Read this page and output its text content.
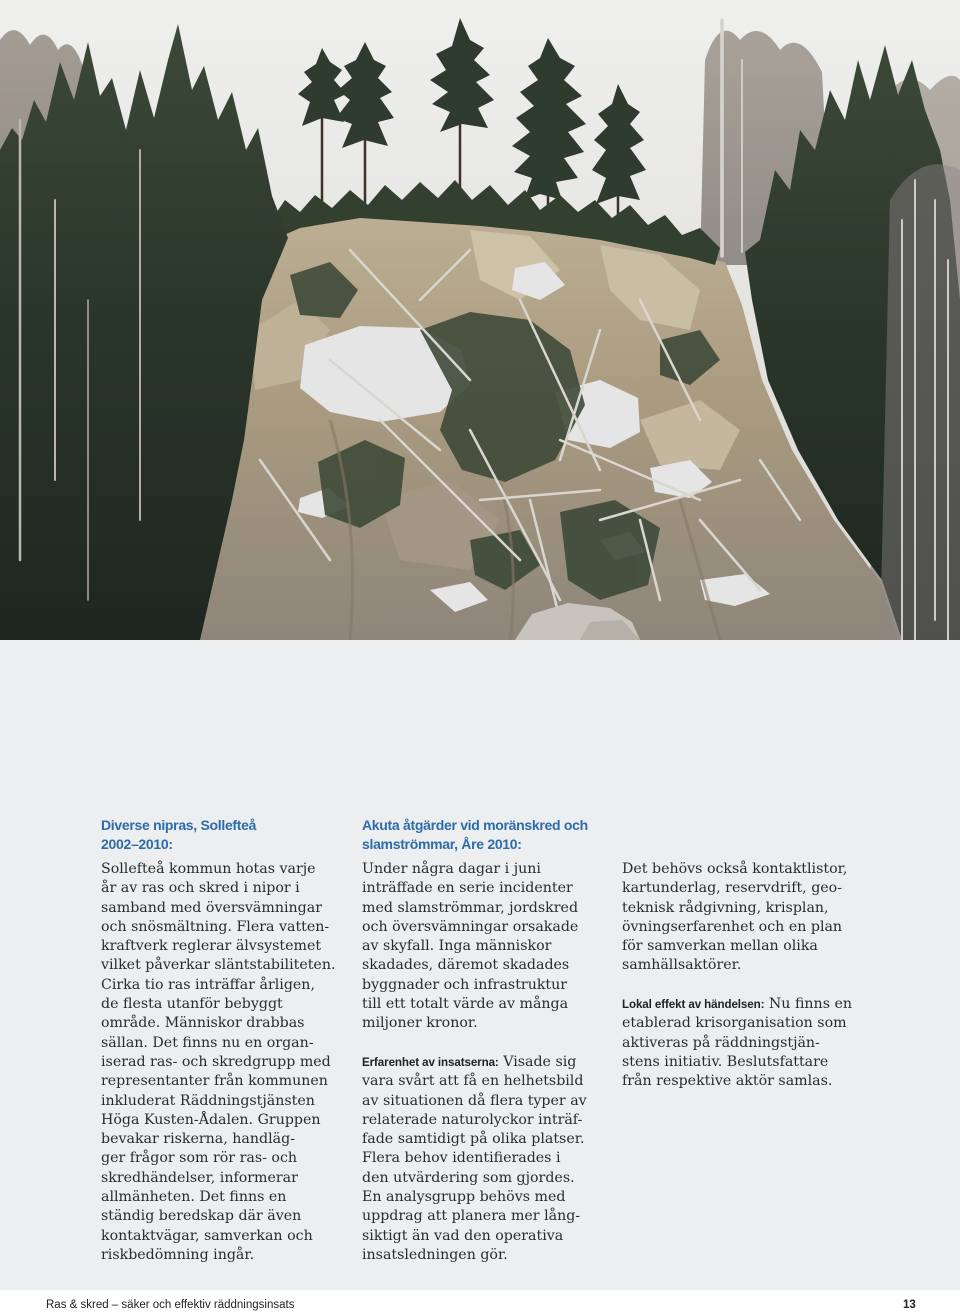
Diverse nipras, Sollefteå
2002–2010:
Sollefteå kommun hotas varje
år av ras och skred i nipor i
samband med översvämningar
och snösmältning. Flera vatten-
kraftverk reglerar älvsystemet
vilket påverkar släntstabiliteten.
Cirka tio ras inträffar årligen,
de flesta utanför bebyggt
område. Människor drabbas
sällan. Det finns nu en organ-
iserad ras- och skredgrupp med
representanter från kommunen
inkluderat Räddningstjänsten
Höga Kusten-Ådalen. Gruppen
bevakar riskerna, handläg-
ger frågor som rör ras- och
skredhändelser, informerar
allmänheten. Det finns en
ständig beredskap där även
kontaktvägar, samverkan och
riskbedömning ingår.
Akuta åtgärder vid moränskred och
slamströmmar, Åre 2010:
Under några dagar i juni
inträffade en serie incidenter
med slamströmmar, jordskred
och översvämningar orsakade
av skyfall. Inga människor
skadades, däremot skadades
byggnader och infrastruktur
till ett totalt värde av många
miljoner kronor.
Erfarenhet av insatserna: Visade sig
vara svårt att få en helhetsbild
av situationen då flera typer av
relaterade naturolyckor inträf-
fade samtidigt på olika platser.
Flera behov identifierades i
den utvärdering som gjordes.
En analysgrupp behövs med
uppdrag att planera mer lång-
siktigt än vad den operativa
insatsledningen gör.
Det behövs också kontaktlistor,
kartunderlag, reservdrift, geo-
teknisk rådgivning, krisplan,
övningserfarenhet och en plan
för samverkan mellan olika
samhällsaktörer.
Lokal effekt av händelsen: Nu finns en
etablerad krisorganisation som
aktiveras på räddningstjän-
stens initiativ. Beslutsfattare
från respektive aktör samlas.
Ras & skred – säker och effektiv räddningsinsats	13
